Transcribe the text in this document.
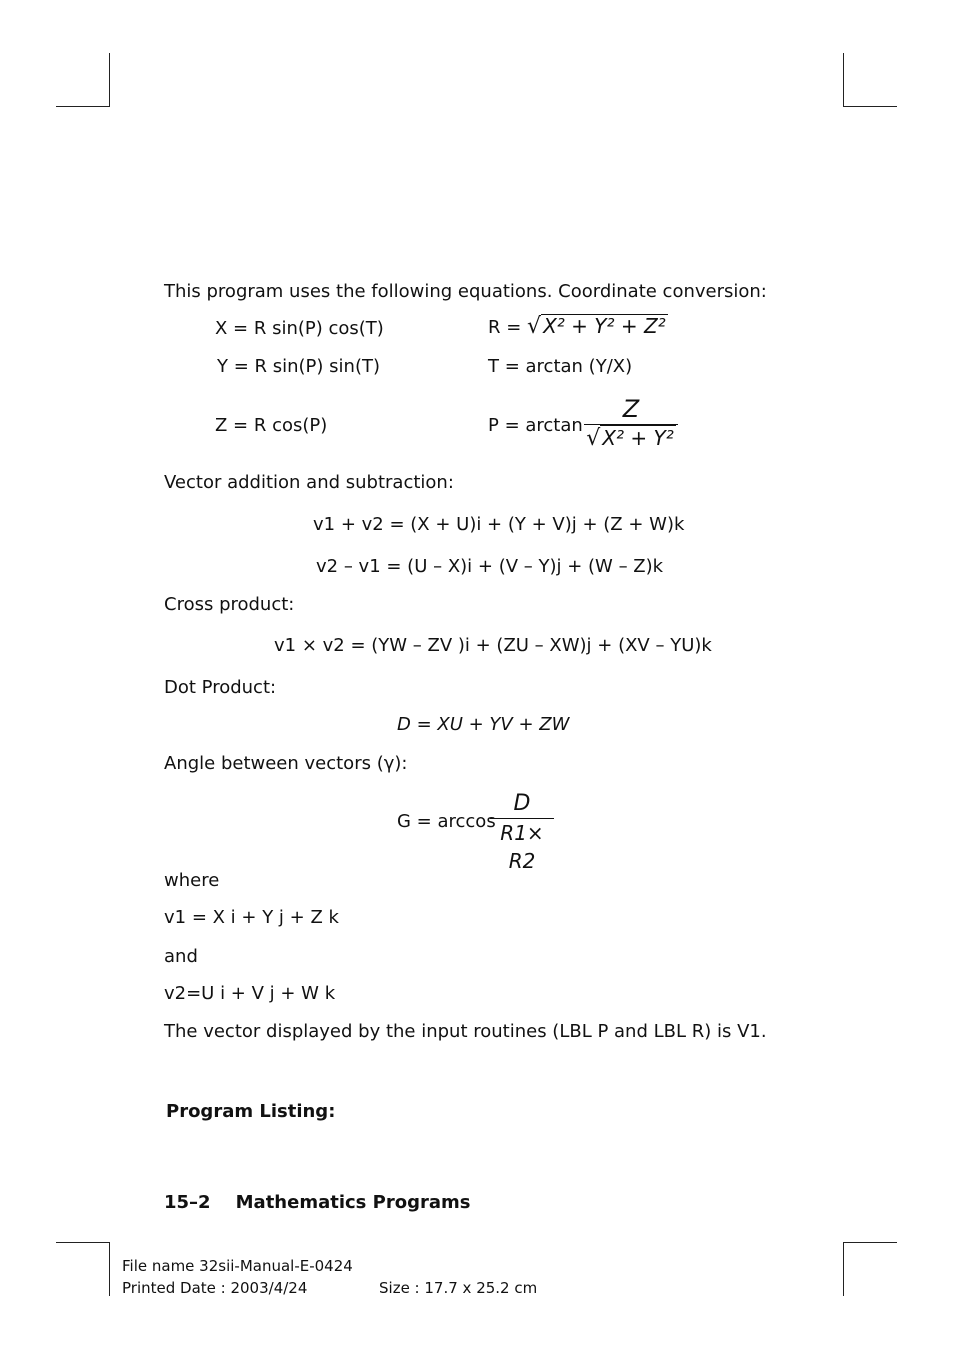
This program uses the following equations. Coordinate conversion:
X = R sin(P) cos(T)
Y = R sin(P) sin(T)
Z = R cos(P)
R = √ X² + Y² + Z²
T = arctan (Y/X)
P = arctan
Z
√ X² + Y²
Vector addition and subtraction:
v1 + v2 = (X + U)i + (Y + V)j + (Z + W)k
v2 – v1 = (U – X)i + (V – Y)j + (W – Z)k
Cross product:
v1 × v2 = (YW – ZV )i + (ZU – XW)j + (XV – YU)k
Dot Product:
D = XU + YV + ZW
Angle between vectors (γ):
G = arccos
$\frac{D}{R1\times R2}$
where
v1 = X i + Y j + Z k
and
v2=U i + V j + W k
The vector displayed by the input routines (LBL P and LBL R) is V1.
Program Listing:
15–2    Mathematics Programs
File name 32sii-Manual-E-0424
Printed Date : 2003/4/24	Size : 17.7 x 25.2 cm
